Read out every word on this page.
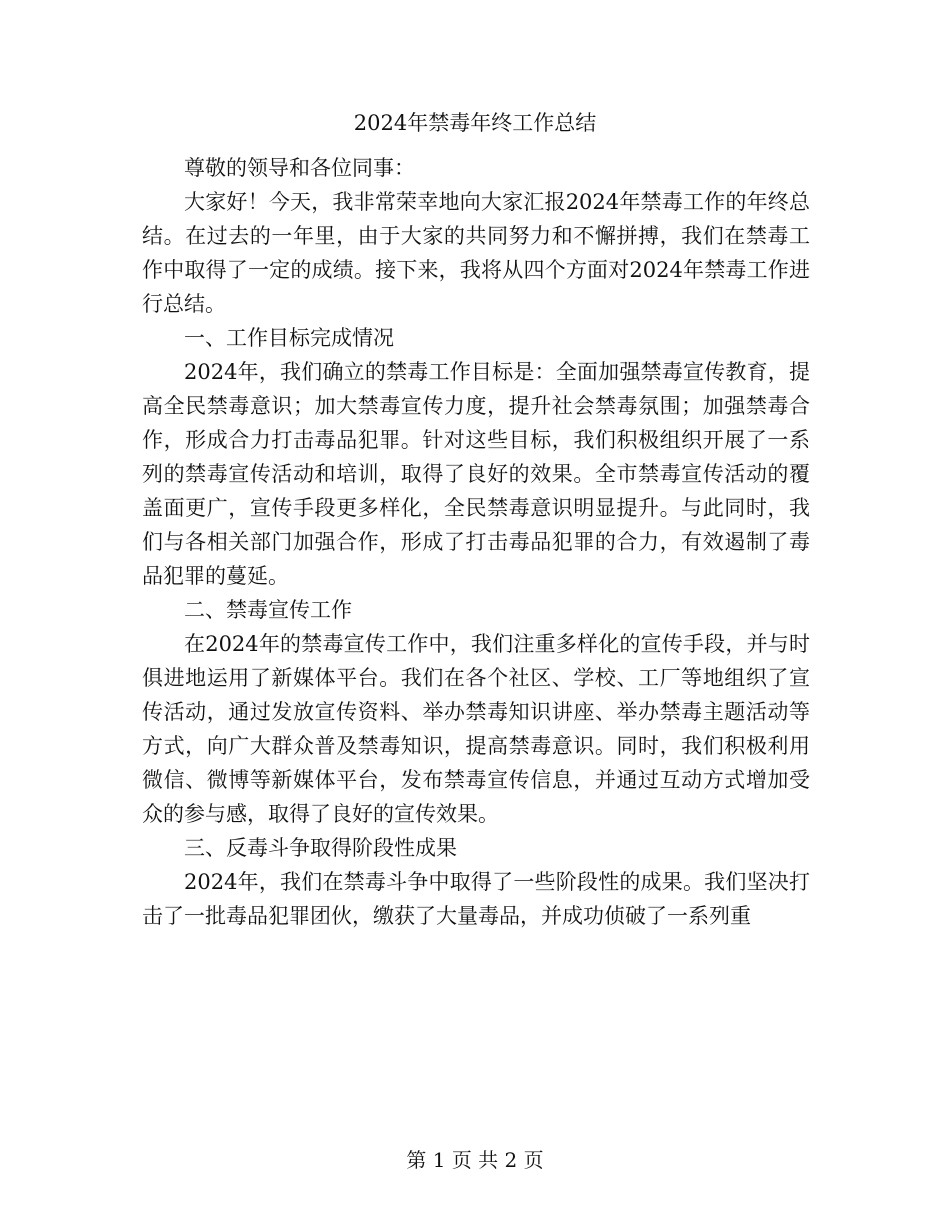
2024年禁毒年终工作总结

尊敬的领导和各位同事：

大家好！今天，我非常荣幸地向大家汇报2024年禁毒工作的年终总结。在过去的一年里，由于大家的共同努力和不懈拼搏，我们在禁毒工作中取得了一定的成绩。接下来，我将从四个方面对2024年禁毒工作进行总结。

一、工作目标完成情况

2024年，我们确立的禁毒工作目标是：全面加强禁毒宣传教育，提高全民禁毒意识；加大禁毒宣传力度，提升社会禁毒氛围；加强禁毒合作，形成合力打击毒品犯罪。针对这些目标，我们积极组织开展了一系列的禁毒宣传活动和培训，取得了良好的效果。全市禁毒宣传活动的覆盖面更广，宣传手段更多样化，全民禁毒意识明显提升。与此同时，我们与各相关部门加强合作，形成了打击毒品犯罪的合力，有效遏制了毒品犯罪的蔓延。

二、禁毒宣传工作

在2024年的禁毒宣传工作中，我们注重多样化的宣传手段，并与时俱进地运用了新媒体平台。我们在各个社区、学校、工厂等地组织了宣传活动，通过发放宣传资料、举办禁毒知识讲座、举办禁毒主题活动等方式，向广大群众普及禁毒知识，提高禁毒意识。同时，我们积极利用微信、微博等新媒体平台，发布禁毒宣传信息，并通过互动方式增加受众的参与感，取得了良好的宣传效果。

三、反毒斗争取得阶段性成果

2024年，我们在禁毒斗争中取得了一些阶段性的成果。我们坚决打击了一批毒品犯罪团伙，缴获了大量毒品，并成功侦破了一系列重

第 1 页 共 2 页
